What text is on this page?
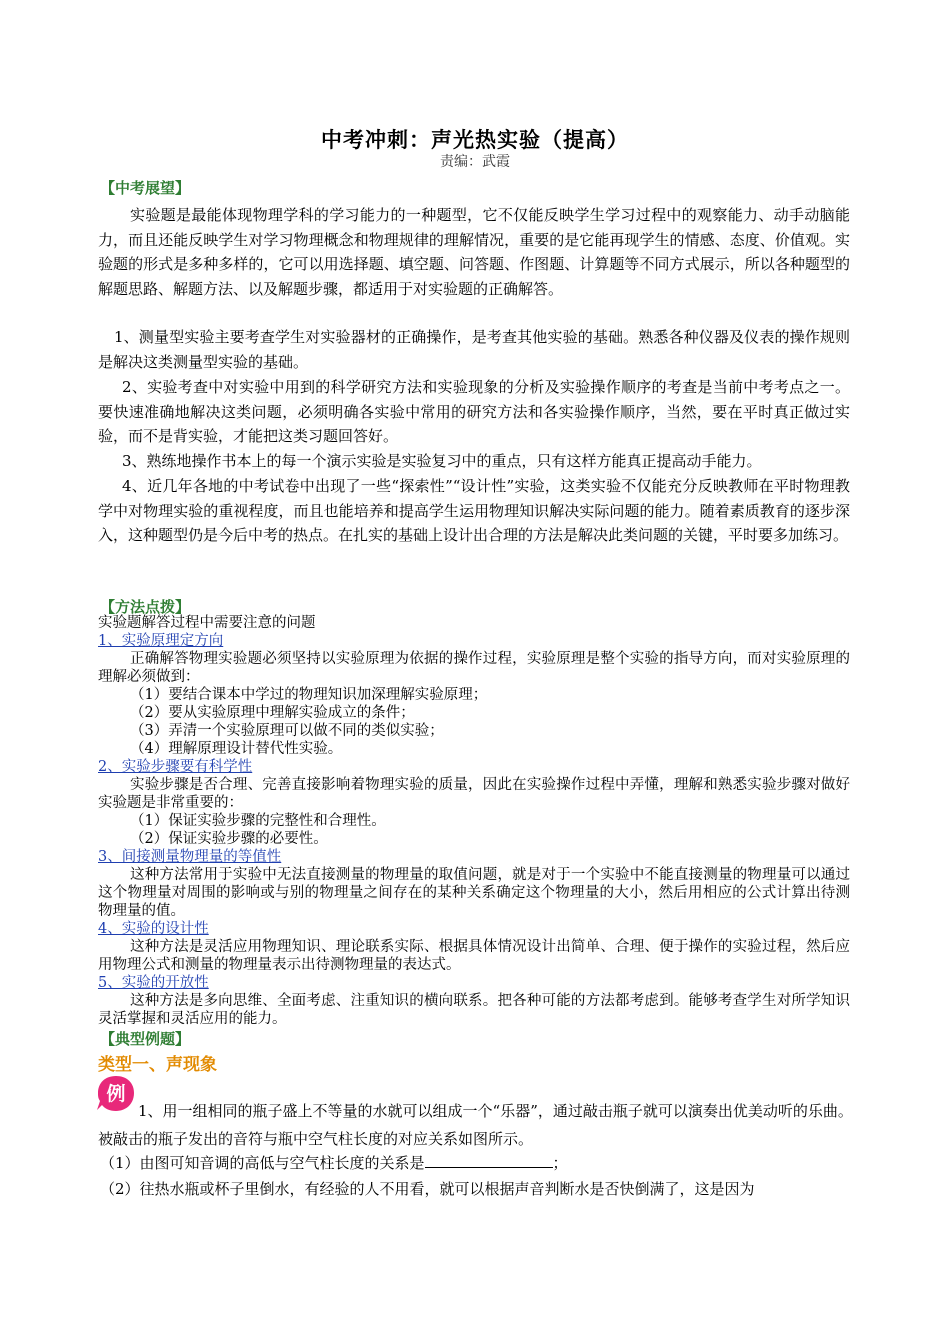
中考冲刺：声光热实验（提高）
责编：武霞
【中考展望】
实验题是最能体现物理学科的学习能力的一种题型，它不仅能反映学生学习过程中的观察能力、动手动脑能力，而且还能反映学生对学习物理概念和物理规律的理解情况，重要的是它能再现学生的情感、态度、价值观。实验题的形式是多种多样的，它可以用选择题、填空题、问答题、作图题、计算题等不同方式展示，所以各种题型的解题思路、解题方法、以及解题步骤，都适用于对实验题的正确解答。
1、测量型实验主要考查学生对实验器材的正确操作，是考查其他实验的基础。熟悉各种仪器及仪表的操作规则是解决这类测量型实验的基础。
2、实验考查中对实验中用到的科学研究方法和实验现象的分析及实验操作顺序的考查是当前中考考点之一。要快速准确地解决这类问题，必须明确各实验中常用的研究方法和各实验操作顺序，当然，要在平时真正做过实验，而不是背实验，才能把这类习题回答好。
3、熟练地操作书本上的每一个演示实验是实验复习中的重点，只有这样方能真正提高动手能力。
4、近几年各地的中考试卷中出现了一些“探索性”“设计性”实验，这类实验不仅能充分反映教师在平时物理教学中对物理实验的重视程度，而且也能培养和提高学生运用物理知识解决实际问题的能力。随着素质教育的逐步深入，这种题型仍是今后中考的热点。在扎实的基础上设计出合理的方法是解决此类问题的关键，平时要多加练习。
【方法点拨】
实验题解答过程中需要注意的问题
1、实验原理定方向
正确解答物理实验题必须坚持以实验原理为依据的操作过程，实验原理是整个实验的指导方向，而对实验原理的理解必须做到：
（1）要结合课本中学过的物理知识加深理解实验原理；
（2）要从实验原理中理解实验成立的条件；
（3）弄清一个实验原理可以做不同的类似实验；
（4）理解原理设计替代性实验。
2、实验步骤要有科学性
实验步骤是否合理、完善直接影响着物理实验的质量，因此在实验操作过程中弄懂，理解和熟悉实验步骤对做好实验题是非常重要的：
（1）保证实验步骤的完整性和合理性。
（2）保证实验步骤的必要性。
3、间接测量物理量的等值性
这种方法常用于实验中无法直接测量的物理量的取值问题，就是对于一个实验中不能直接测量的物理量可以通过这个物理量对周围的影响或与别的物理量之间存在的某种关系确定这个物理量的大小，然后用相应的公式计算出待测物理量的值。
4、实验的设计性
这种方法是灵活应用物理知识、理论联系实际、根据具体情况设计出简单、合理、便于操作的实验过程，然后应用物理公式和测量的物理量表示出待测物理量的表达式。
5、实验的开放性
这种方法是多向思维、全面考虑、注重知识的横向联系。把各种可能的方法都考虑到。能够考查学生对所学知识灵活掌握和灵活应用的能力。
【典型例题】
类型一、声现象
例
1、用一组相同的瓶子盛上不等量的水就可以组成一个“乐器”，通过敲击瓶子就可以演奏出优美动听的乐曲。被敲击的瓶子发出的音符与瓶中空气柱长度的对应关系如图所示。
（1）由图可知音调的高低与空气柱长度的关系是	；
（2）往热水瓶或杯子里倒水，有经验的人不用看，就可以根据声音判断水是否快倒满了，这是因为
